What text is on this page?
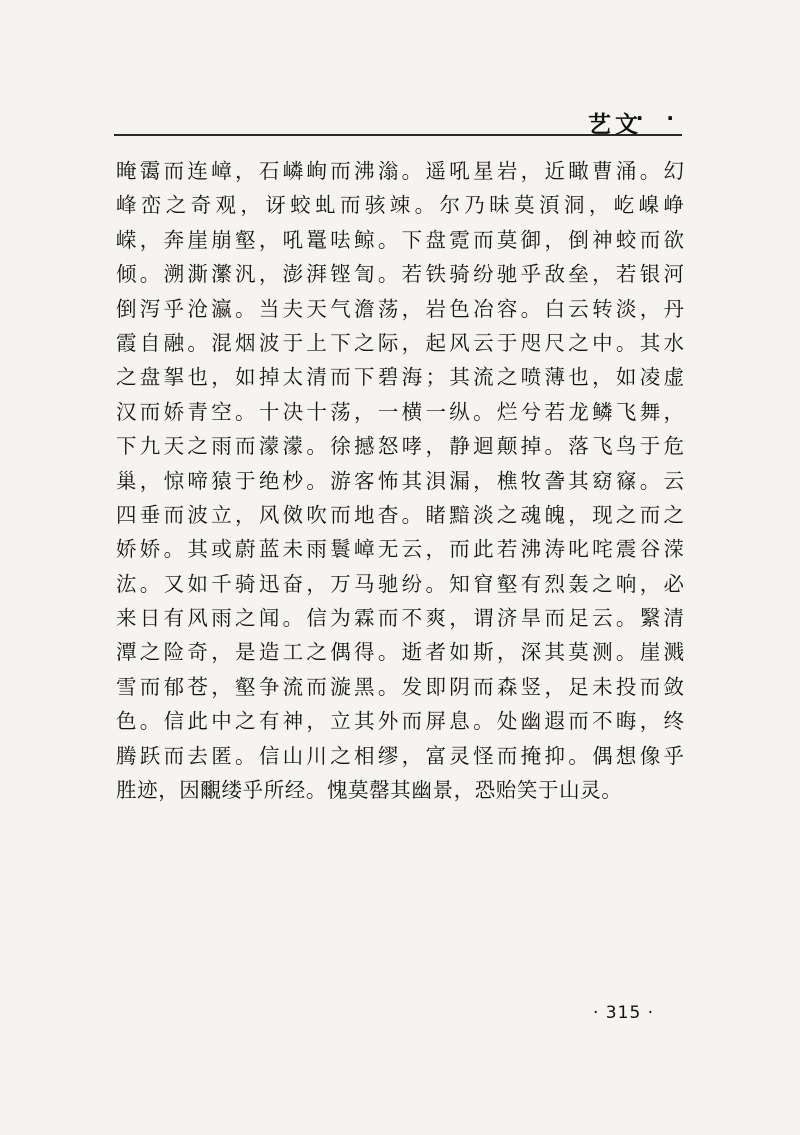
艺文
· ·
晻霭而连嶂，石嶙峋而沸滃。遥吼星岩，近瞰曹涌。幻
峰峦之奇观，讶蛟虬而骇竦。尔乃昧莫湏洞，屹嵲峥
嵘，奔崖崩壑，吼鼍呿鲸。下盘霓而莫御，倒神蛟而欲
倾。溯澌瀿汎，澎湃铿訇。若铁骑纷驰乎敌垒，若银河
倒泻乎沧瀛。当夫天气澹荡，岩色冶容。白云转淡，丹
霞自融。混烟波于上下之际，起风云于咫尺之中。其水
之盘挐也，如掉太清而下碧海；其流之喷薄也，如凌虚
汉而娇青空。十决十荡，一横一纵。烂兮若龙鳞飞舞，
下九天之雨而濛濛。徐撼怒哮，静迴颠掉。落飞鸟于危
巢，惊啼猿于绝杪。游客怖其浿漏，樵牧詟其窈窱。云
四垂而波立，风傚吹而地杳。睹黯淡之魂魄，现之而之
娇娇。其或蔚蓝未雨鬟嶂无云，而此若沸涛叱咤震谷溁
汯。又如千骑迅奋，万马驰纷。知窅壑有烈轰之响，必
来日有风雨之闻。信为霖而不爽，谓济旱而足云。繄清
潭之险奇，是造工之偶得。逝者如斯，深其莫测。崖溅
雪而郁苍，壑争流而漩黑。发即阴而森竖，足未投而敛
色。信此中之有神，立其外而屏息。处幽遐而不晦，终
腾跃而去匿。信山川之相缪，富灵怪而掩抑。偶想像乎
胜迹，因覼缕乎所经。愧莫罄其幽景，恐贻笑于山灵。
· 315 ·
